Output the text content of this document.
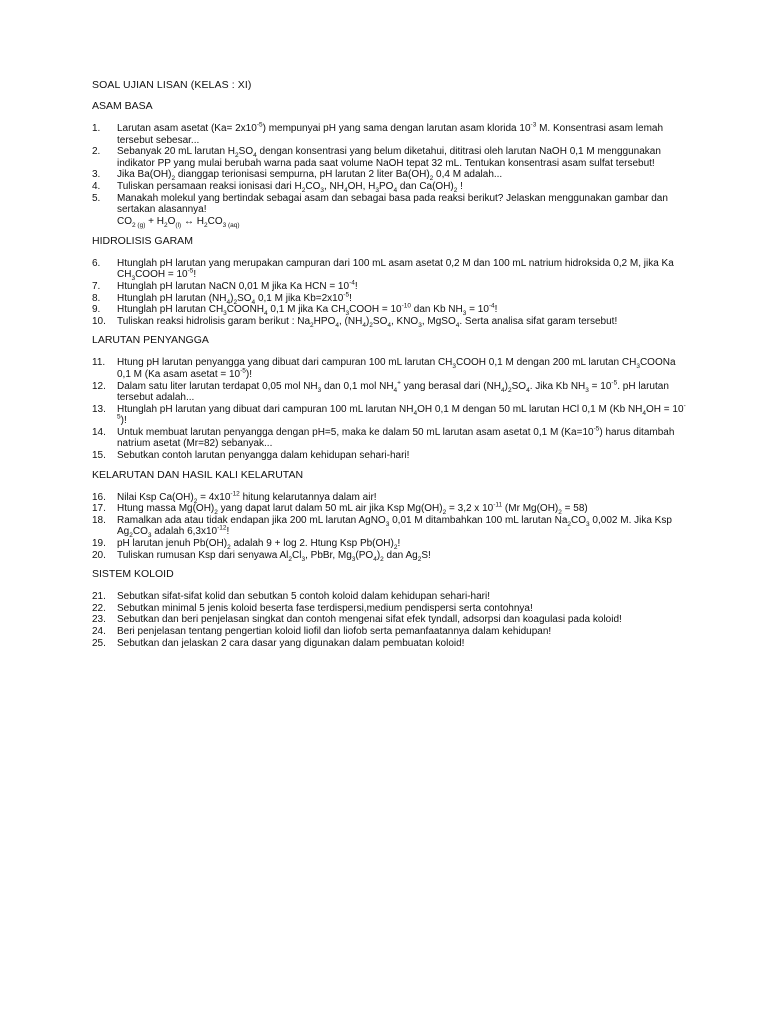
SOAL UJIAN LISAN (KELAS : XI)
ASAM BASA
1.	Larutan asam asetat $(Ka= 2x10^{-5})$ mempunyai pH yang sama dengan larutan asam klorida $10^{-3}$ M. Konsentrasi asam lemah tersebut sebesar...
2.	Sebanyak 20 mL larutan $H_2SO_4$ dengan konsentrasi yang belum diketahui, dititrasi oleh larutan NaOH 0,1 M menggunakan indikator PP yang mulai berubah warna pada saat volume NaOH tepat 32 mL. Tentukan konsentrasi asam sulfat tersebut!
3.	Jika $Ba(OH)_2$ dianggap terionisasi sempurna, pH larutan 2 liter $Ba(OH)_2$ 0,4 M adalah...
4.	Tuliskan persamaan reaksi ionisasi dari $H_2CO_3$, $NH_4OH$, $H_3PO_4$ dan $Ca(OH)_2$ !
5.	Manakah molekul yang bertindak sebagai asam dan sebagai basa pada reaksi berikut? Jelaskan menggunakan gambar dan sertakan alasannya!
$CO_{2 (g)} + H_2O_{(l)}$ ↔ $H_2CO_{3 (aq)}$
HIDROLISIS GARAM
6.	Htunglah pH larutan yang merupakan campuran dari 100 mL asam asetat 0,2 M dan 100 mL natrium hidroksida 0,2 M, jika Ka $CH_3COOH = 10^{-5}$!
7.	Htunglah pH larutan NaCN 0,01 M jika Ka HCN = $10^{-4}$!
8.	Htunglah pH larutan $(NH_4)_2SO_4$ 0,1 M jika $Kb=2x10^{-5}$!
9.	Htunglah pH larutan $CH_3COONH_4$ 0,1 M jika Ka $CH_3COOH = 10^{-10}$ dan Kb $NH_3 = 10^{-4}$!
10.	Tuliskan reaksi hidrolisis garam berikut : $Na_2HPO_4$, $(NH_4)_2SO_4$, $KNO_3$, MgSO$_4$. Serta analisa sifat garam tersebut!
LARUTAN PENYANGGA
11.	Htung pH larutan penyangga yang dibuat dari campuran 100 mL larutan $CH_3COOH$ 0,1 M dengan 200 mL larutan $CH_3COONa$ 0,1 M (Ka asam asetat = $10^{-5}$)!
12.	Dalam satu liter larutan terdapat 0,05 mol $NH_3$ dan 0,1 mol $NH_4^+$ yang berasal dari $(NH_4)_2SO_4$. Jika Kb $NH_3 = 10^{-5}$. pH larutan tersebut adalah...
13.	Htunglah pH larutan yang dibuat dari campuran 100 mL larutan $NH_4OH$ 0,1 M dengan 50 mL larutan HCl 0,1 M (Kb $NH_4OH = 10^{-5}$)!
14.	Untuk membuat larutan penyangga dengan pH=5, maka ke dalam 50 mL larutan asam asetat 0,1 M $(Ka=10^{-5})$ harus ditambah natrium asetat (Mr=82) sebanyak...
15.	Sebutkan contoh larutan penyangga dalam kehidupan sehari-hari!
KELARUTAN DAN HASIL KALI KELARUTAN
16.	Nilai Ksp $Ca(OH)_2 = 4x10^{-12}$ hitung kelarutannya dalam air!
17.	Htung massa $Mg(OH)_2$ yang dapat larut dalam 50 mL air jika Ksp $Mg(OH)_2 = 3,2$ x $10^{-11}$ (Mr $Mg(OH)_2 = 58$)
18.	Ramalkan ada atau tidak endapan jika 200 mL larutan AgNO$_3$ 0,01 M ditambahkan 100 mL larutan $Na_2CO_3$ 0,002 M. Jika Ksp $Ag_2CO_3$ adalah $6,3x10^{-12}$!
19.	pH larutan jenuh $Pb(OH)_2$ adalah 9 + log 2. Htung Ksp $Pb(OH)_2$!
20.	Tuliskan rumusan Ksp dari senyawa $Al_2Cl_3$, PbBr, $Mg_3(PO_4)_2$ dan $Ag_2S$!
SISTEM KOLOID
21.	Sebutkan sifat-sifat kolid dan sebutkan 5 contoh koloid dalam kehidupan sehari-hari!
22.	Sebutkan minimal 5 jenis koloid beserta fase terdispersi,medium pendispersi serta contohnya!
23.	Sebutkan dan beri penjelasan singkat dan contoh mengenai sifat efek tyndall, adsorpsi dan koagulasi pada koloid!
24.	Beri penjelasan tentang pengertian koloid liofil dan liofob serta pemanfaatannya dalam kehidupan!
25.	Sebutkan dan jelaskan 2 cara dasar yang digunakan dalam pembuatan koloid!
